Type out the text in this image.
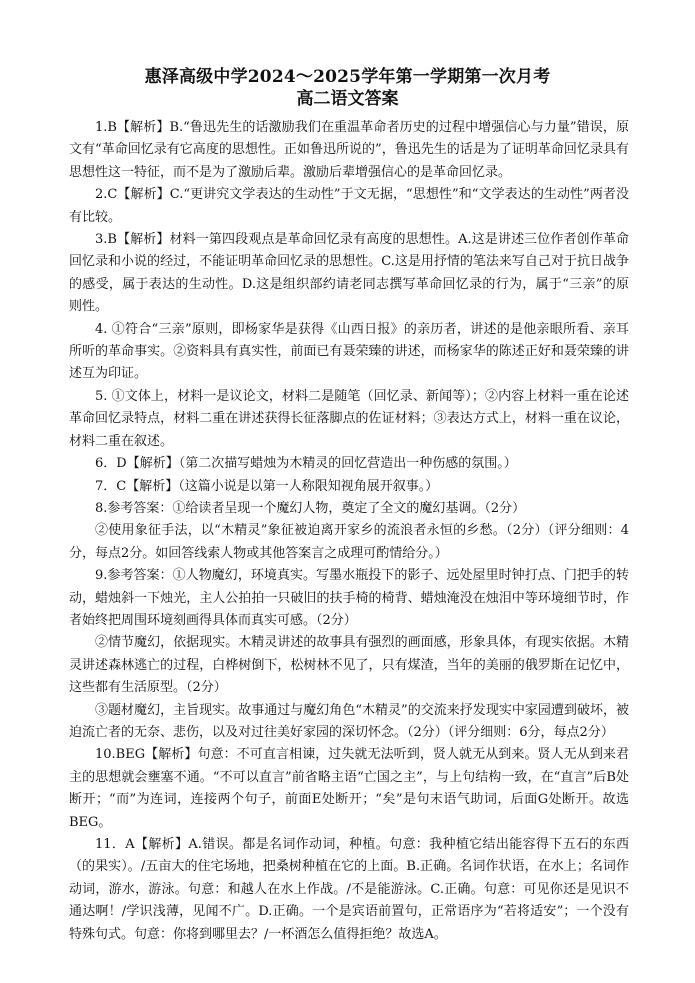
惠泽高级中学2024～2025学年第一学期第一次月考
高二语文答案

1.B【解析】B.“鲁迅先生的话激励我们在重温革命者历史的过程中增强信心与力量”错误，原文有“革命回忆录有它高度的思想性。正如鲁迅所说的”，鲁迅先生的话是为了证明革命回忆录具有思想性这一特征，而不是为了激励后辈。激励后辈增强信心的是革命回忆录。

2.C【解析】C.“更讲究文学表达的生动性”于文无据，“思想性”和“文学表达的生动性”两者没有比较。

3.B【解析】材料一第四段观点是革命回忆录有高度的思想性。A.这是讲述三位作者创作革命回忆录和小说的经过，不能证明革命回忆录的思想性。C.这是用抒情的笔法来写自己对于抗日战争的感受，属于表达的生动性。D.这是组织部约请老同志撰写革命回忆录的行为，属于“三亲”的原则性。

4. ①符合“三亲”原则，即杨家华是获得《山西日报》的亲历者，讲述的是他亲眼所看、亲耳所听的革命事实。②资料具有真实性，前面已有聂荣臻的讲述，而杨家华的陈述正好和聂荣臻的讲述互为印证。

5. ①文体上，材料一是议论文，材料二是随笔（回忆录、新闻等）；②内容上材料一重在论述革命回忆录特点，材料二重在讲述获得长征落脚点的佐证材料；③表达方式上，材料一重在议论，材料二重在叙述。

6．D【解析】（第二次描写蜡烛为木精灵的回忆营造出一种伤感的氛围。）

7．C【解析】（这篇小说是以第一人称限知视角展开叙事。）

8.参考答案：①给读者呈现一个魔幻人物，奠定了全文的魔幻基调。（2分）

②使用象征手法，以“木精灵”象征被迫离开家乡的流浪者永恒的乡愁。（2分）（评分细则：4分，每点2分。如回答线索人物或其他答案言之成理可酌情给分。）

9.参考答案：①人物魔幻，环境真实。写墨水瓶投下的影子、远处屋里时钟打点、门把手的转动，蜡烛斜一下烛光，主人公拍拍一只破旧的扶手椅的椅背、蜡烛淹没在烛泪中等环境细节时，作者始终把周围环境刻画得具体而真实可感。（2分）

②情节魔幻，依据现实。木精灵讲述的故事具有强烈的画面感，形象具体，有现实依据。木精灵讲述森林逃亡的过程，白桦树倒下，松树林不见了，只有煤渣，当年的美丽的俄罗斯在记忆中，这些都有生活原型。（2分）

③题材魔幻，主旨现实。故事通过与魔幻角色“木精灵”的交流来抒发现实中家园遭到破坏，被迫流亡者的无奈、悲伤，以及对过往美好家园的深切怀念。（2分）（评分细则：6分，每点2分）

10.BEG【解析】句意：不可直言相谏，过失就无法听到，贤人就无从到来。贤人无从到来君主的思想就会壅塞不通。“不可以直言”前省略主语“亡国之主”，与上句结构一致，在“直言”后B处断开；“而”为连词，连接两个句子，前面E处断开；“矣”是句末语气助词，后面G处断开。故选BEG。

11．A【解析】A.错误。都是名词作动词，种植。句意：我种植它结出能容得下五石的东西（的果实）。/五亩大的住宅场地，把桑树种植在它的上面。B.正确。名词作状语，在水上；名词作动词，游水，游泳。句意：和越人在水上作战。/不是能游泳。C.正确。句意：可见你还是见识不通达啊！/学识浅薄，见闻不广。D.正确。一个是宾语前置句，正常语序为“若将适安”；一个没有特殊句式。句意：你将到哪里去？/一杯酒怎么值得拒绝？故选A。
